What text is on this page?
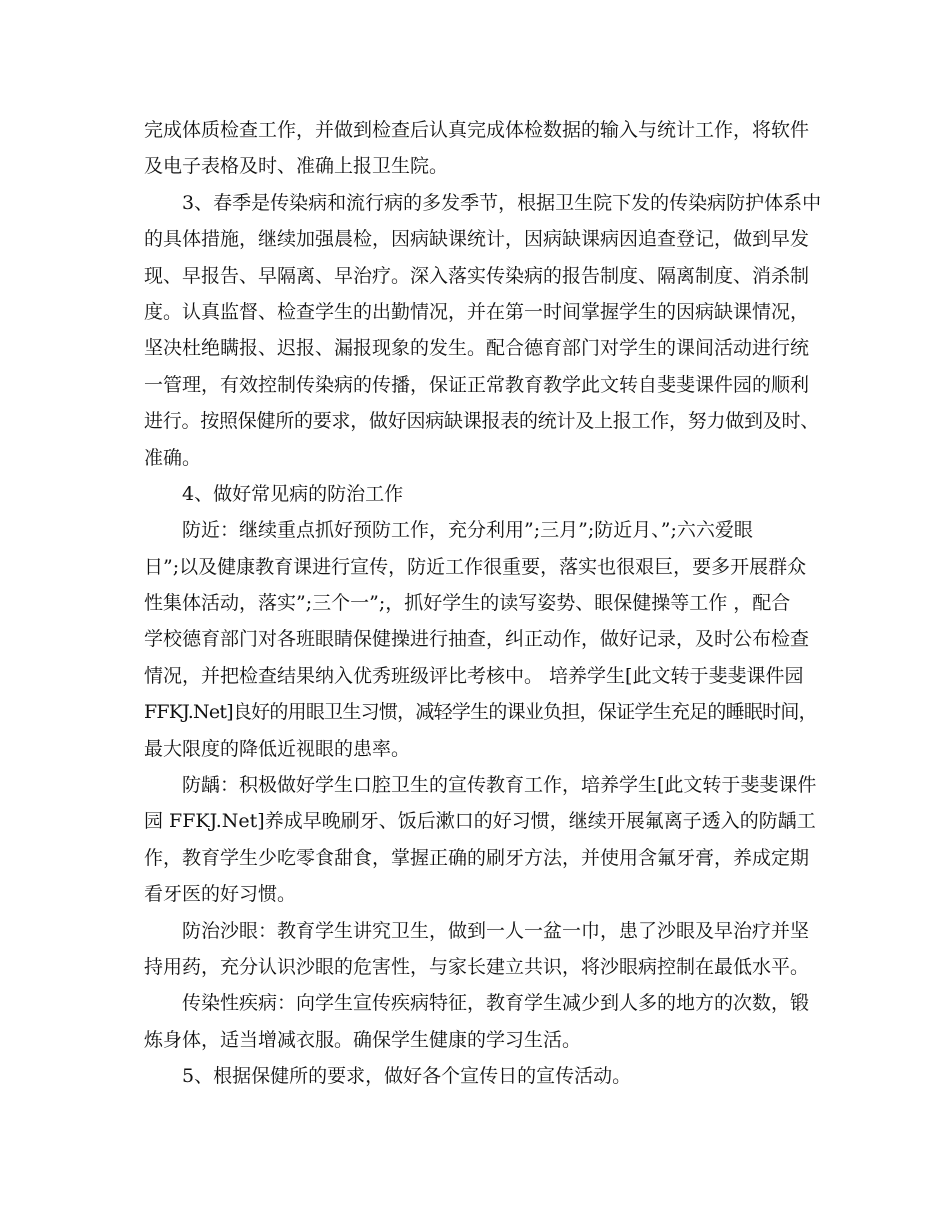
完成体质检查工作，并做到检查后认真完成体检数据的输入与统计工作，将软件
及电子表格及时、准确上报卫生院。
3、春季是传染病和流行病的多发季节，根据卫生院下发的传染病防护体系中
的具体措施，继续加强晨检，因病缺课统计，因病缺课病因追查登记，做到早发
现、早报告、早隔离、早治疗。深入落实传染病的报告制度、隔离制度、消杀制
度。认真监督、检查学生的出勤情况，并在第一时间掌握学生的因病缺课情况，
坚决杜绝瞒报、迟报、漏报现象的发生。配合德育部门对学生的课间活动进行统
一管理，有效控制传染病的传播，保证正常教育教学此文转自斐斐课件园的顺利
进行。按照保健所的要求，做好因病缺课报表的统计及上报工作，努力做到及时、
准确。
4、做好常见病的防治工作
防近：继续重点抓好预防工作，充分利用”;三月”;防近月、”;六六爱眼
日”;以及健康教育课进行宣传，防近工作很重要，落实也很艰巨，要多开展群众
性集体活动，落实”;三个一”;，抓好学生的读写姿势、眼保健操等工作 ，配合
学校德育部门对各班眼睛保健操进行抽查，纠正动作，做好记录，及时公布检查
情况，并把检查结果纳入优秀班级评比考核中。 培养学生[此文转于斐斐课件园
FFKJ.Net]良好的用眼卫生习惯，减轻学生的课业负担，保证学生充足的睡眠时间，
最大限度的降低近视眼的患率。
防龋：积极做好学生口腔卫生的宣传教育工作，培养学生[此文转于斐斐课件
园 FFKJ.Net]养成早晚刷牙、饭后漱口的好习惯，继续开展氟离子透入的防龋工
作，教育学生少吃零食甜食，掌握正确的刷牙方法，并使用含氟牙膏，养成定期
看牙医的好习惯。
防治沙眼：教育学生讲究卫生，做到一人一盆一巾，患了沙眼及早治疗并坚
持用药，充分认识沙眼的危害性，与家长建立共识，将沙眼病控制在最低水平。
传染性疾病：向学生宣传疾病特征，教育学生减少到人多的地方的次数，锻
炼身体，适当增减衣服。确保学生健康的学习生活。
5、根据保健所的要求，做好各个宣传日的宣传活动。
